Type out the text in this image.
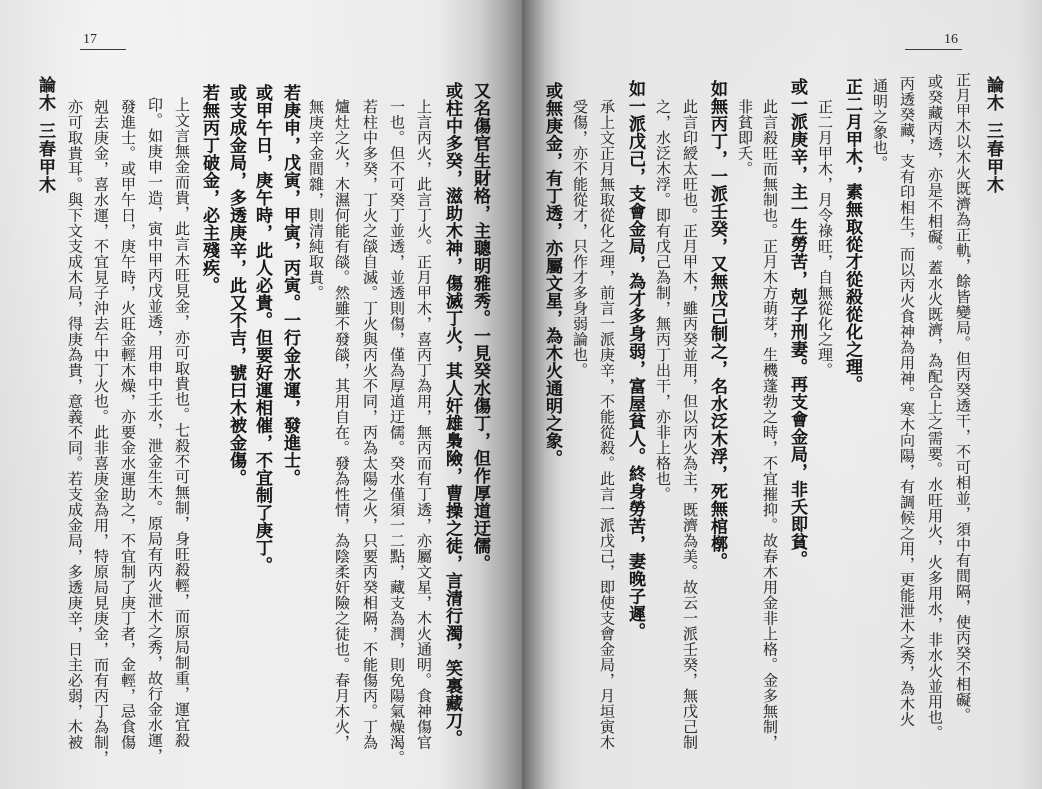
17
論木
三春甲木	又名傷官生財格，主聰明雅秀。一見癸水傷丁，但作厚道迂儒。
或柱中多癸，滋助木神，傷滅丁火，其人奸雄梟險，曹操之徒，言清行濁，笑裏藏刀。
上言丙火，此言丁火。正月甲木，喜丙丁為用，無丙而有丁透，亦屬文星，木火通明。食神傷官
一也。但不可癸丁並透，並透則傷，僅為厚道迂儒。癸水僅須一二點，藏支為潤，則免陽氣燥渴。
若柱中多癸，丁火之燄自滅。丁火與丙火不同，丙為太陽之火，只要丙癸相隔，不能傷丙。丁為
爐灶之火，木濕何能有燄。然雖不發燄，其用自在。發為性情，為陰柔奸險之徒也。春月木火，
無庚辛金間雜，則清純取貴。
若庚申，戊寅，甲寅，丙寅。一行金水運，發進士。
或甲午日，庚午時，此人必貴。但要好運相催，不宜制了庚丁。
或支成金局，多透庚辛，此又不吉，號曰木被金傷。
若無丙丁破金，必主殘疾。
上文言無金而貴，此言木旺見金，亦可取貴也。七殺不可無制，身旺殺輕，而原局制重，運宜殺
印。如庚申一造，寅中甲丙戊並透，用申中壬水，泄金生木。原局有丙火泄木之秀，故行金水運，
發進士。或甲午日，庚午時，火旺金輕木燥，亦要金水運助之，不宜制了庚丁者，金輕，忌食傷
剋去庚金，喜水運，不宜見子沖去午中丁火也。此非喜庚金為用，特原局見庚金，而有丙丁為制，
亦可取貴耳。與下文支成木局，得庚為貴，意義不同。若支成金局，多透庚辛，日主必弱，木被
16
論木
三春甲木
正月甲木以木火既濟為正軌，餘皆變局。但丙癸透干，不可相並，須中有間隔，使丙癸不相礙。
或癸藏丙透，亦是不相礙。蓋水火既濟，為配合上之需要。水旺用火，火多用水，非水火並用也。
丙透癸藏，支有印相生，而以丙火食神為用神。寒木向陽，有調候之用，更能泄木之秀，為木火
通明之象也。
正二月甲木，素無取從才從殺從化之理。
正二月甲木，月令祿旺，自無從化之理。
或一派庚辛，主一生勞苦，剋子刑妻。再支會金局，非夭即貧。
此言殺旺而無制也。正月木方萌芽，生機蓬勃之時，不宜摧抑。故春木用金非上格。金多無制，
非貧即夭。
如無丙丁，一派壬癸，又無戊己制之，名水泛木浮，死無棺槨。
此言印綬太旺也。正月甲木，雖丙癸並用，但以丙火為主，既濟為美。故云一派壬癸，無戊己制
之，水泛木浮。即有戊己為制，無丙丁出干，亦非上格也。
如一派戊己，支會金局，為才多身弱，富屋貧人。終身勞苦，妻晚子遲。
承上文正月無取從化之理，前言一派庚辛，不能從殺。此言一派戊己，即使支會金局，月垣寅木
受傷，亦不能從才，只作才多身弱論也。
或無庚金，有丁透，亦屬文星，為木火通明之象。
